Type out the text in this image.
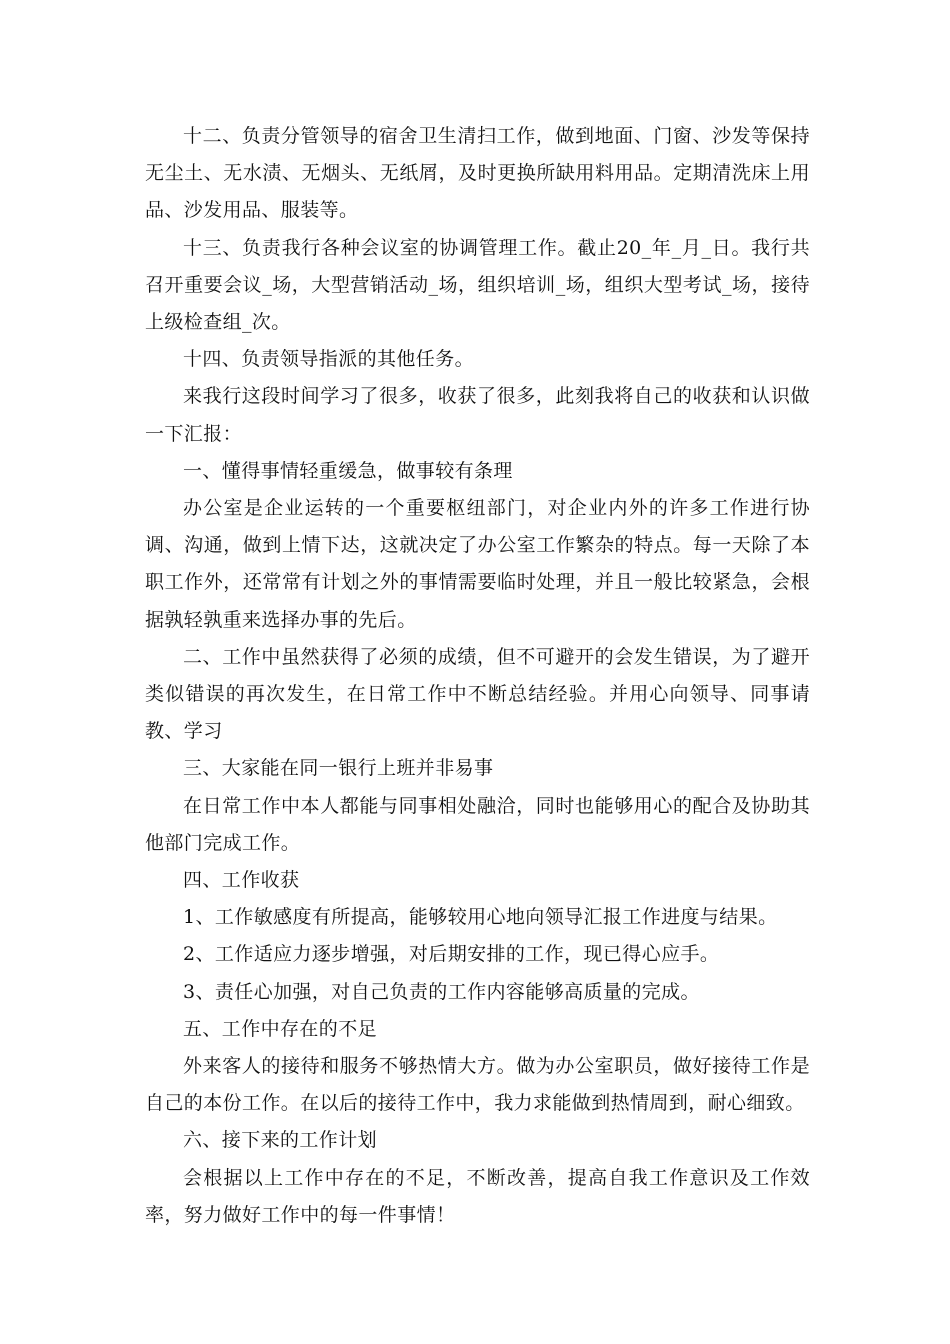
十二、负责分管领导的宿舍卫生清扫工作，做到地面、门窗、沙发等保持无尘土、无水渍、无烟头、无纸屑，及时更换所缺用料用品。定期清洗床上用品、沙发用品、服装等。

十三、负责我行各种会议室的协调管理工作。截止20_年_月_日。我行共召开重要会议_场，大型营销活动_场，组织培训_场，组织大型考试_场，接待上级检查组_次。

十四、负责领导指派的其他任务。

来我行这段时间学习了很多，收获了很多，此刻我将自己的收获和认识做一下汇报：

一、懂得事情轻重缓急，做事较有条理

办公室是企业运转的一个重要枢纽部门，对企业内外的许多工作进行协调、沟通，做到上情下达，这就决定了办公室工作繁杂的特点。每一天除了本职工作外，还常常有计划之外的事情需要临时处理，并且一般比较紧急，会根据孰轻孰重来选择办事的先后。

二、工作中虽然获得了必须的成绩，但不可避开的会发生错误，为了避开类似错误的再次发生，在日常工作中不断总结经验。并用心向领导、同事请教、学习

三、大家能在同一银行上班并非易事

在日常工作中本人都能与同事相处融洽，同时也能够用心的配合及协助其他部门完成工作。

四、工作收获

1、工作敏感度有所提高，能够较用心地向领导汇报工作进度与结果。

2、工作适应力逐步增强，对后期安排的工作，现已得心应手。

3、责任心加强，对自己负责的工作内容能够高质量的完成。

五、工作中存在的不足

外来客人的接待和服务不够热情大方。做为办公室职员，做好接待工作是自己的本份工作。在以后的接待工作中，我力求能做到热情周到，耐心细致。

六、接下来的工作计划

会根据以上工作中存在的不足，不断改善，提高自我工作意识及工作效率，努力做好工作中的每一件事情！
